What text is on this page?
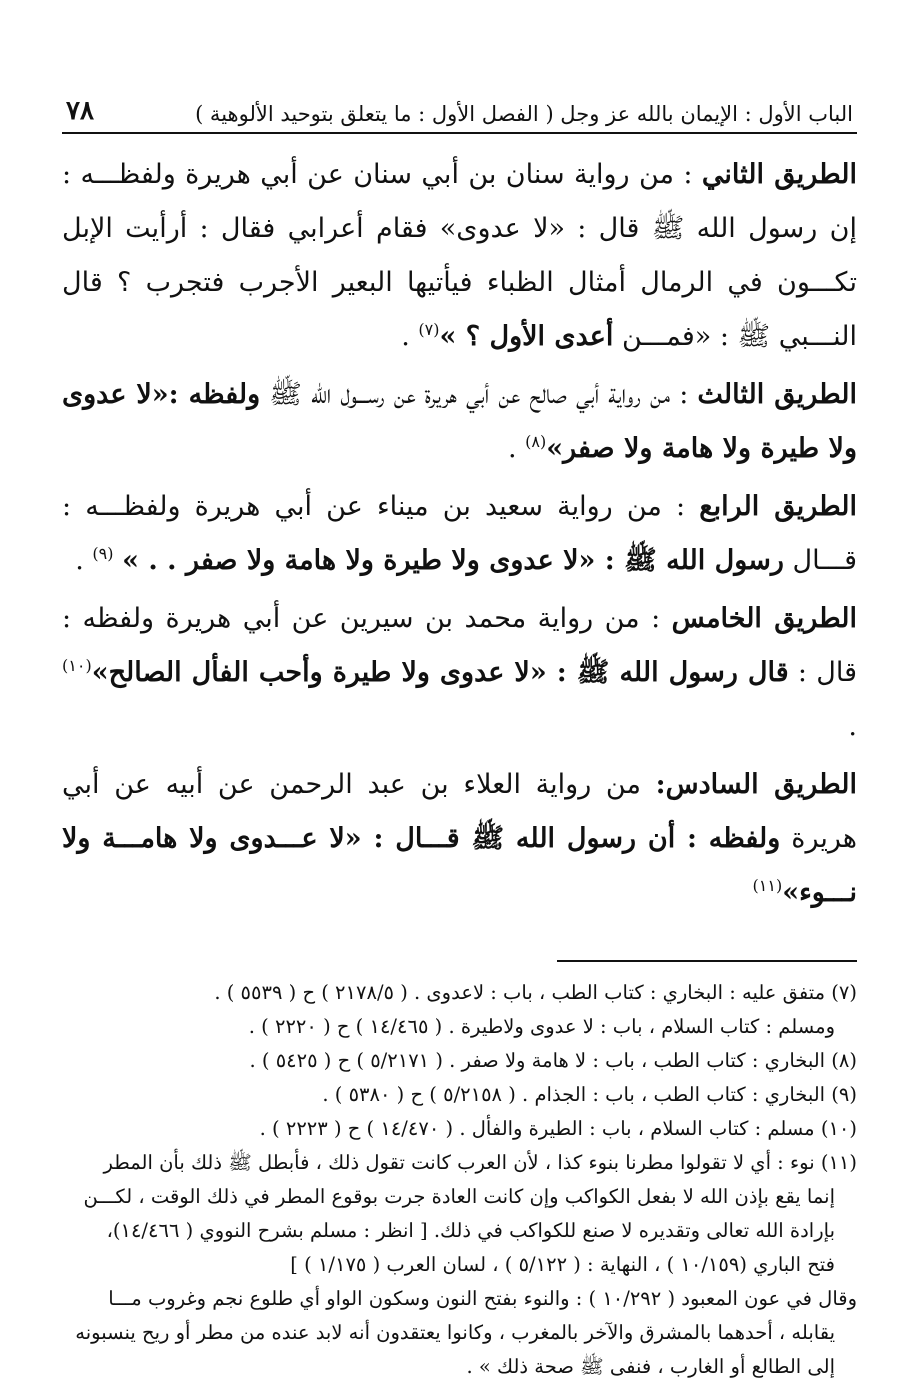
الباب الأول : الإيمان بالله عز وجل ( الفصل الأول : ما يتعلق بتوحيد الألوهية )
٧٨

الطريق الثاني : من رواية سنان بن أبي سنان عن أبي هريرة ولفظـــه : إن رسول الله ﷺ قال : «لا عدوى» فقام أعرابي فقال : أرأيت الإبل تكـــون في الرمال أمثال الظباء فيأتيها البعير الأجرب فتجرب ؟ قال النـــبي ﷺ : «فمـــن أعدى الأول ؟ »$^{(٧)}$ .

الطريق الثالث : من رواية أبي صالح عن أبي هريرة عن رســـول الله ﷺ ولفظه :«لا عدوى ولا طيرة ولا هامة ولا صفر»$^{(٨)}$ .

الطريق الرابع : من رواية سعيد بن ميناء عن أبي هريرة ولفظـــه : قـــال رسول الله ﷺ : «لا عدوى ولا طيرة ولا هامة ولا صفر . . » $^{(٩)}$ .

الطريق الخامس : من رواية محمد بن سيرين عن أبي هريرة ولفظه : قال : قال رسول الله ﷺ : «لا عدوى ولا طيرة وأحب الفأل الصالح»$^{(١٠)}$ .

الطريق السادس: من رواية العلاء بن عبد الرحمن عن أبيه عن أبي هريرة ولفظه : أن رسول الله ﷺ قـــال : «لا عـــدوى ولا هامـــة ولا نـــوء»$^{(١١)}$

(٧) متفق عليه : البخاري : كتاب الطب ، باب : لاعدوى . ( ٢١٧٨/٥ ) ح ( ٥٥٣٩ ) .

ومسلم : كتاب السلام ، باب : لا عدوى ولاطيرة . ( ١٤/٤٦٥ ) ح ( ٢٢٢٠ ) .

(٨) البخاري : كتاب الطب ، باب : لا هامة ولا صفر . ( ٥/٢١٧١ ) ح ( ٥٤٢٥ ) .

(٩) البخاري : كتاب الطب ، باب : الجذام . ( ٥/٢١٥٨ ) ح ( ٥٣٨٠ ) .

(١٠) مسلم : كتاب السلام ، باب : الطيرة والفأل . ( ١٤/٤٧٠ ) ح ( ٢٢٢٣ ) .

(١١) نوء : أي لا تقولوا مطرنا بنوء كذا ، لأن العرب كانت تقول ذلك ، فأبطل ﷺ ذلك بأن المطر

إنما يقع بإذن الله لا بفعل الكواكب وإن كانت العادة جرت بوقوع المطر في ذلك الوقت ، لكـــن

بإرادة الله تعالى وتقديره لا صنع للكواكب في ذلك. [ انظر : مسلم بشرح النووي ( ١٤/٤٦٦)،

فتح الباري (١٠/١٥٩ ) ، النهاية : ( ٥/١٢٢ ) ، لسان العرب ( ١/١٧٥ ) ]

وقال في عون المعبود ( ١٠/٢٩٢ ) : والنوء بفتح النون وسكون الواو أي طلوع نجم وغروب مـــا

يقابله ، أحدهما بالمشرق والآخر بالمغرب ، وكانوا يعتقدون أنه لابد عنده من مطر أو ريح ينسبونه

إلى الطالع أو الغارب ، فنفى ﷺ صحة ذلك » .
